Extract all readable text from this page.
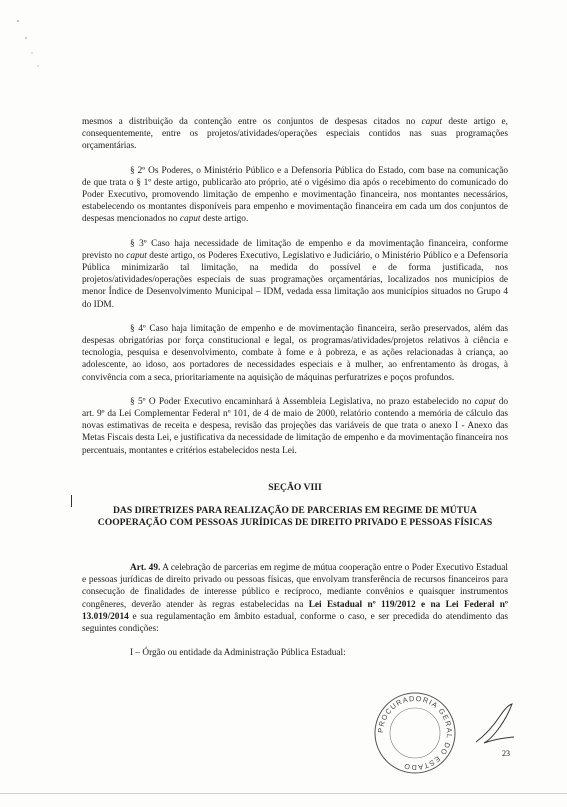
mesmos a distribuição da contenção entre os conjuntos de despesas citados no caput deste artigo e, consequentemente, entre os projetos/atividades/operações especiais contidos nas suas programações orçamentárias.

§ 2º Os Poderes, o Ministério Público e a Defensoria Pública do Estado, com base na comunicação de que trata o § 1º deste artigo, publicarão ato próprio, até o vigésimo dia após o recebimento do comunicado do Poder Executivo, promovendo limitação de empenho e movimentação financeira, nos montantes necessários, estabelecendo os montantes disponíveis para empenho e movimentação financeira em cada um dos conjuntos de despesas mencionados no caput deste artigo.

§ 3º Caso haja necessidade de limitação de empenho e da movimentação financeira, conforme previsto no caput deste artigo, os Poderes Executivo, Legislativo e Judiciário, o Ministério Público e a Defensoria Pública minimizarão tal limitação, na medida do possível e de forma justificada, nos projetos/atividades/operações especiais de suas programações orçamentárias, localizados nos municípios de menor Índice de Desenvolvimento Municipal – IDM, vedada essa limitação aos municípios situados no Grupo 4 do IDM.

§ 4º Caso haja limitação de empenho e de movimentação financeira, serão preservados, além das despesas obrigatórias por força constitucional e legal, os programas/atividades/projetos relativos à ciência e tecnologia, pesquisa e desenvolvimento, combate à fome e à pobreza, e as ações relacionadas à criança, ao adolescente, ao idoso, aos portadores de necessidades especiais e à mulher, ao enfrentamento às drogas, à convivência com a seca, prioritariamente na aquisição de máquinas perfuratrizes e poços profundos.

§ 5º O Poder Executivo encaminhará à Assembleia Legislativa, no prazo estabelecido no caput do art. 9º da Lei Complementar Federal nº 101, de 4 de maio de 2000, relatório contendo a memória de cálculo das novas estimativas de receita e despesa, revisão das projeções das variáveis de que trata o anexo I - Anexo das Metas Fiscais desta Lei, e justificativa da necessidade de limitação de empenho e da movimentação financeira nos percentuais, montantes e critérios estabelecidos nesta Lei.

SEÇÃO VIII
DAS DIRETRIZES PARA REALIZAÇÃO DE PARCERIAS EM REGIME DE MÚTUA COOPERAÇÃO COM PESSOAS JURÍDICAS DE DIREITO PRIVADO E PESSOAS FÍSICAS

Art. 49. A celebração de parcerias em regime de mútua cooperação entre o Poder Executivo Estadual e pessoas jurídicas de direito privado ou pessoas físicas, que envolvam transferência de recursos financeiros para consecução de finalidades de interesse público e recíproco, mediante convênios e quaisquer instrumentos congêneres, deverão atender às regras estabelecidas na Lei Estadual nº 119/2012 e na Lei Federal nº 13.019/2014 e sua regulamentação em âmbito estadual, conforme o caso, e ser precedida do atendimento das seguintes condições:

I – Órgão ou entidade da Administração Pública Estadual:

PROCURADORIA GERAL DO ESTADO
23
